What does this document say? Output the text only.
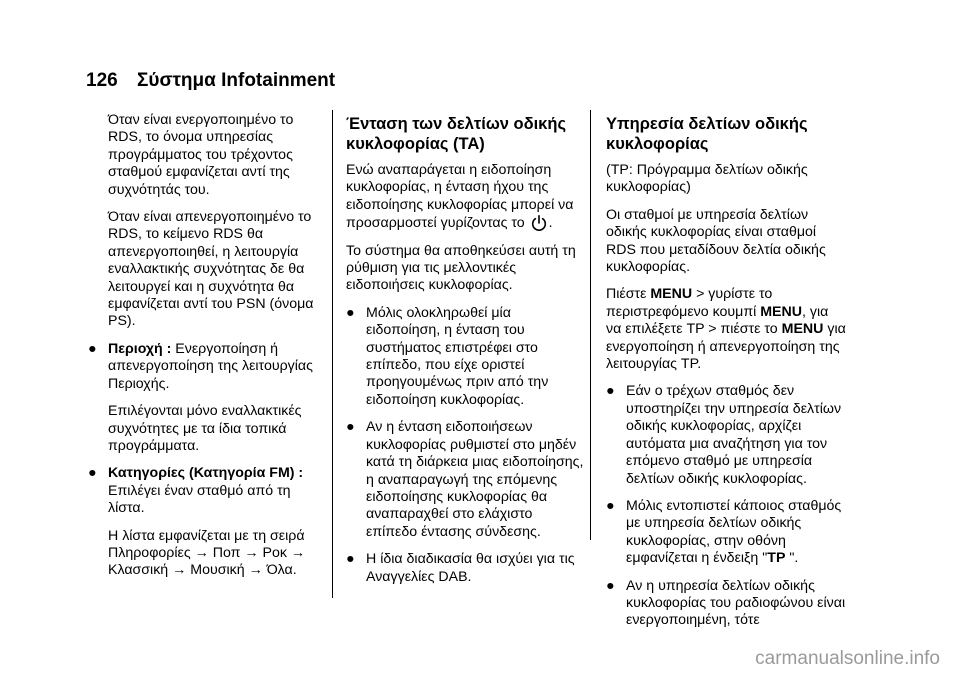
126 Σύστημα Infotainment

Όταν είναι ενεργοποιημένο το RDS, το όνομα υπηρεσίας προγράμματος του τρέχοντος σταθμού εμφανίζεται αντί της συχνότητάς του.

Όταν είναι απενεργοποιημένο το RDS, το κείμενο RDS θα απενεργοποιηθεί, η λειτουργία εναλλακτικής συχνότητας δε θα λειτουργεί και η συχνότητα θα εμφανίζεται αντί του PSN (όνομα PS).

● Περιοχή : Ενεργοποίηση ή απενεργοποίηση της λειτουργίας Περιοχής.

Επιλέγονται μόνο εναλλακτικές συχνότητες με τα ίδια τοπικά προγράμματα.

● Κατηγορίες (Κατηγορία FM) : Επιλέγει έναν σταθμό από τη λίστα.

Η λίστα εμφανίζεται με τη σειρά Πληροφορίες → Ποπ → Ροκ → Κλασσική → Μουσική → Όλα.

Ένταση των δελτίων οδικής κυκλοφορίας (TA)

Ενώ αναπαράγεται η ειδοποίηση κυκλοφορίας, η ένταση ήχου της ειδοποίησης κυκλοφορίας μπορεί να προσαρμοστεί γυρίζοντας το .

Το σύστημα θα αποθηκεύσει αυτή τη ρύθμιση για τις μελλοντικές ειδοποιήσεις κυκλοφορίας.

● Μόλις ολοκληρωθεί μία ειδοποίηση, η ένταση του συστήματος επιστρέφει στο επίπεδο, που είχε οριστεί προηγουμένως πριν από την ειδοποίηση κυκλοφορίας.
● Αν η ένταση ειδοποιήσεων κυκλοφορίας ρυθμιστεί στο μηδέν κατά τη διάρκεια μιας ειδοποίησης, η αναπαραγωγή της επόμενης ειδοποίησης κυκλοφορίας θα αναπαραχθεί στο ελάχιστο επίπεδο έντασης σύνδεσης.
● Η ίδια διαδικασία θα ισχύει για τις Αναγγελίες DAB.
Υπηρεσία δελτίων οδικής κυκλοφορίας

(TP: Πρόγραμμα δελτίων οδικής κυκλοφορίας)

Οι σταθμοί με υπηρεσία δελτίων οδικής κυκλοφορίας είναι σταθμοί RDS που μεταδίδουν δελτία οδικής κυκλοφορίας.

Πιέστε MENU > γυρίστε το περιστρεφόμενο κουμπί MENU, για να επιλέξετε TP > πιέστε το MENU για ενεργοποίηση ή απενεργοποίηση της λειτουργίας TP.

● Εάν ο τρέχων σταθμός δεν υποστηρίζει την υπηρεσία δελτίων οδικής κυκλοφορίας, αρχίζει αυτόματα μια αναζήτηση για τον επόμενο σταθμό με υπηρεσία δελτίων οδικής κυκλοφορίας.
● Μόλις εντοπιστεί κάποιος σταθμός με υπηρεσία δελτίων οδικής κυκλοφορίας, στην οθόνη εμφανίζεται η ένδειξη "TP ".
● Αν η υπηρεσία δελτίων οδικής κυκλοφορίας του ραδιοφώνου είναι ενεργοποιημένη, τότε
carmanualsonline.info
